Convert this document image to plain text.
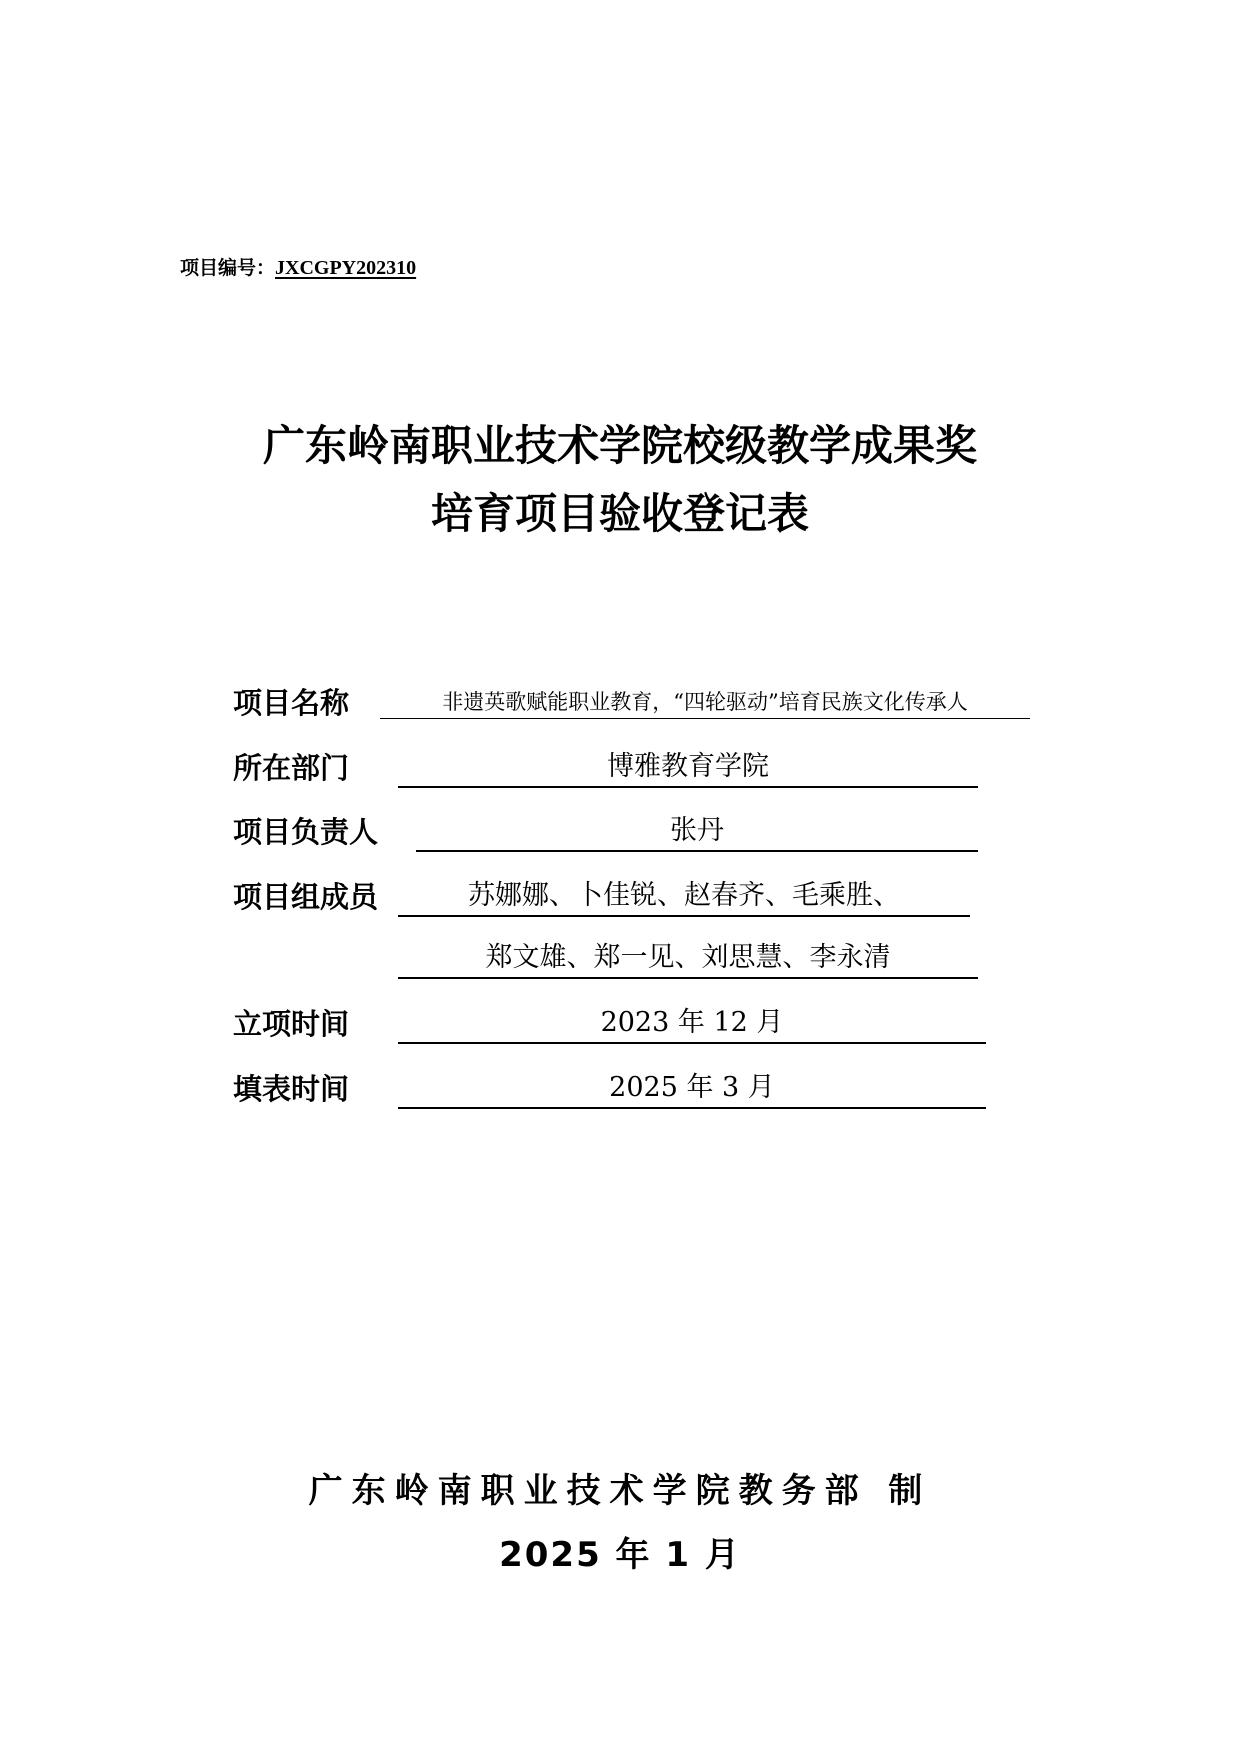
项目编号：JXCGPY202310
广东岭南职业技术学院校级教学成果奖
培育项目验收登记表
项目名称	非遗英歌赋能职业教育，“四轮驱动”培育民族文化传承人
所在部门	博雅教育学院
项目负责人	张丹
项目组成员	苏娜娜、卜佳锐、赵春齐、毛乘胜、
郑文雄、郑一见、刘思慧、李永清
立项时间	2023 年 12 月
填表时间	2025 年 3 月
广东岭南职业技术学院教务部 制
2025 年 1 月
